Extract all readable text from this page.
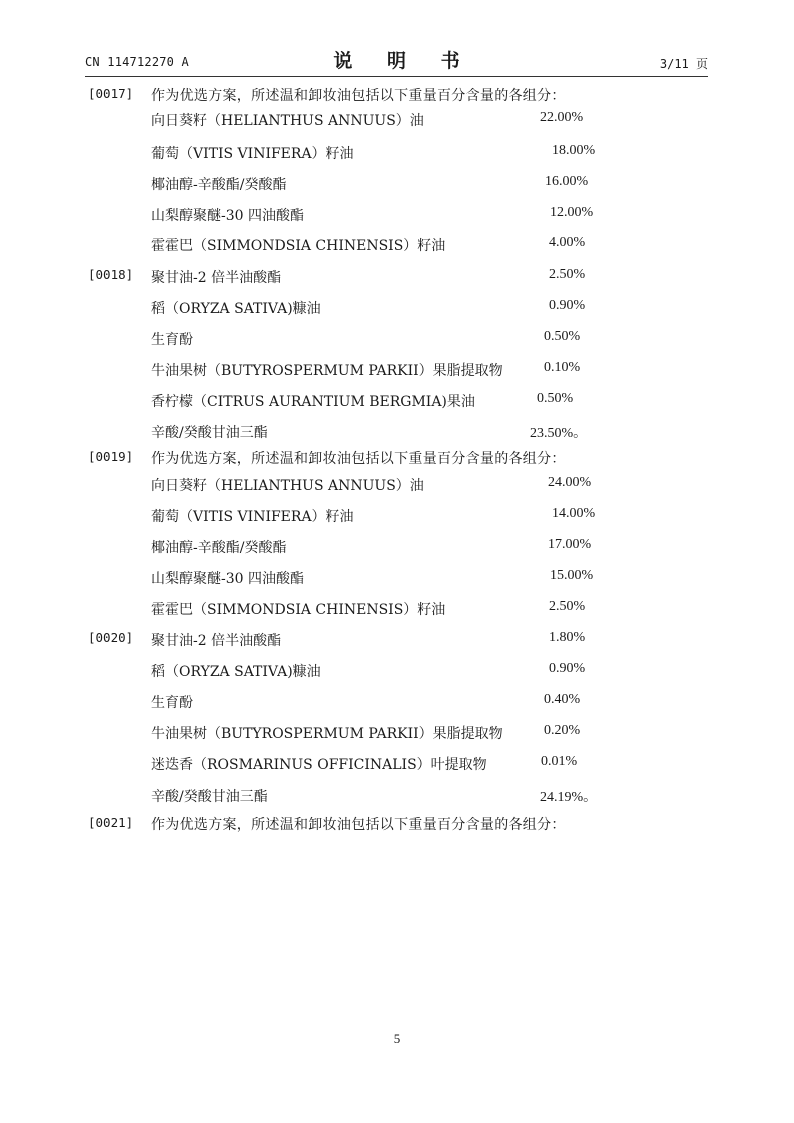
CN 114712270 A	说 明 书	3/11 页
[0017]
[0018]
[0019]
[0020]
[0021]
作为优选方案，所述温和卸妆油包括以下重量百分含量的各组分：
作为优选方案，所述温和卸妆油包括以下重量百分含量的各组分：
作为优选方案，所述温和卸妆油包括以下重量百分含量的各组分：
向日葵籽（HELIANTHUS ANNUUS）油	22.00%
葡萄（VITIS VINIFERA）籽油	18.00%
椰油醇-辛酸酯/癸酸酯	16.00%
山梨醇聚醚-30 四油酸酯	12.00%
霍霍巴（SIMMONDSIA CHINENSIS）籽油	4.00%
聚甘油-2 倍半油酸酯	2.50%
稻（ORYZA SATIVA)糠油	0.90%
生育酚	0.50%
牛油果树（BUTYROSPERMUM PARKII）果脂提取物	0.10%
香柠檬（CITRUS AURANTIUM BERGMIA)果油	0.50%
辛酸/癸酸甘油三酯	23.50%。
向日葵籽（HELIANTHUS ANNUUS）油	24.00%
葡萄（VITIS VINIFERA）籽油	14.00%
椰油醇-辛酸酯/癸酸酯	17.00%
山梨醇聚醚-30 四油酸酯	15.00%
霍霍巴（SIMMONDSIA CHINENSIS）籽油	2.50%
聚甘油-2 倍半油酸酯	1.80%
稻（ORYZA SATIVA)糠油	0.90%
生育酚	0.40%
牛油果树（BUTYROSPERMUM PARKII）果脂提取物	0.20%
迷迭香（ROSMARINUS OFFICINALIS）叶提取物	0.01%
辛酸/癸酸甘油三酯	24.19%。
5
